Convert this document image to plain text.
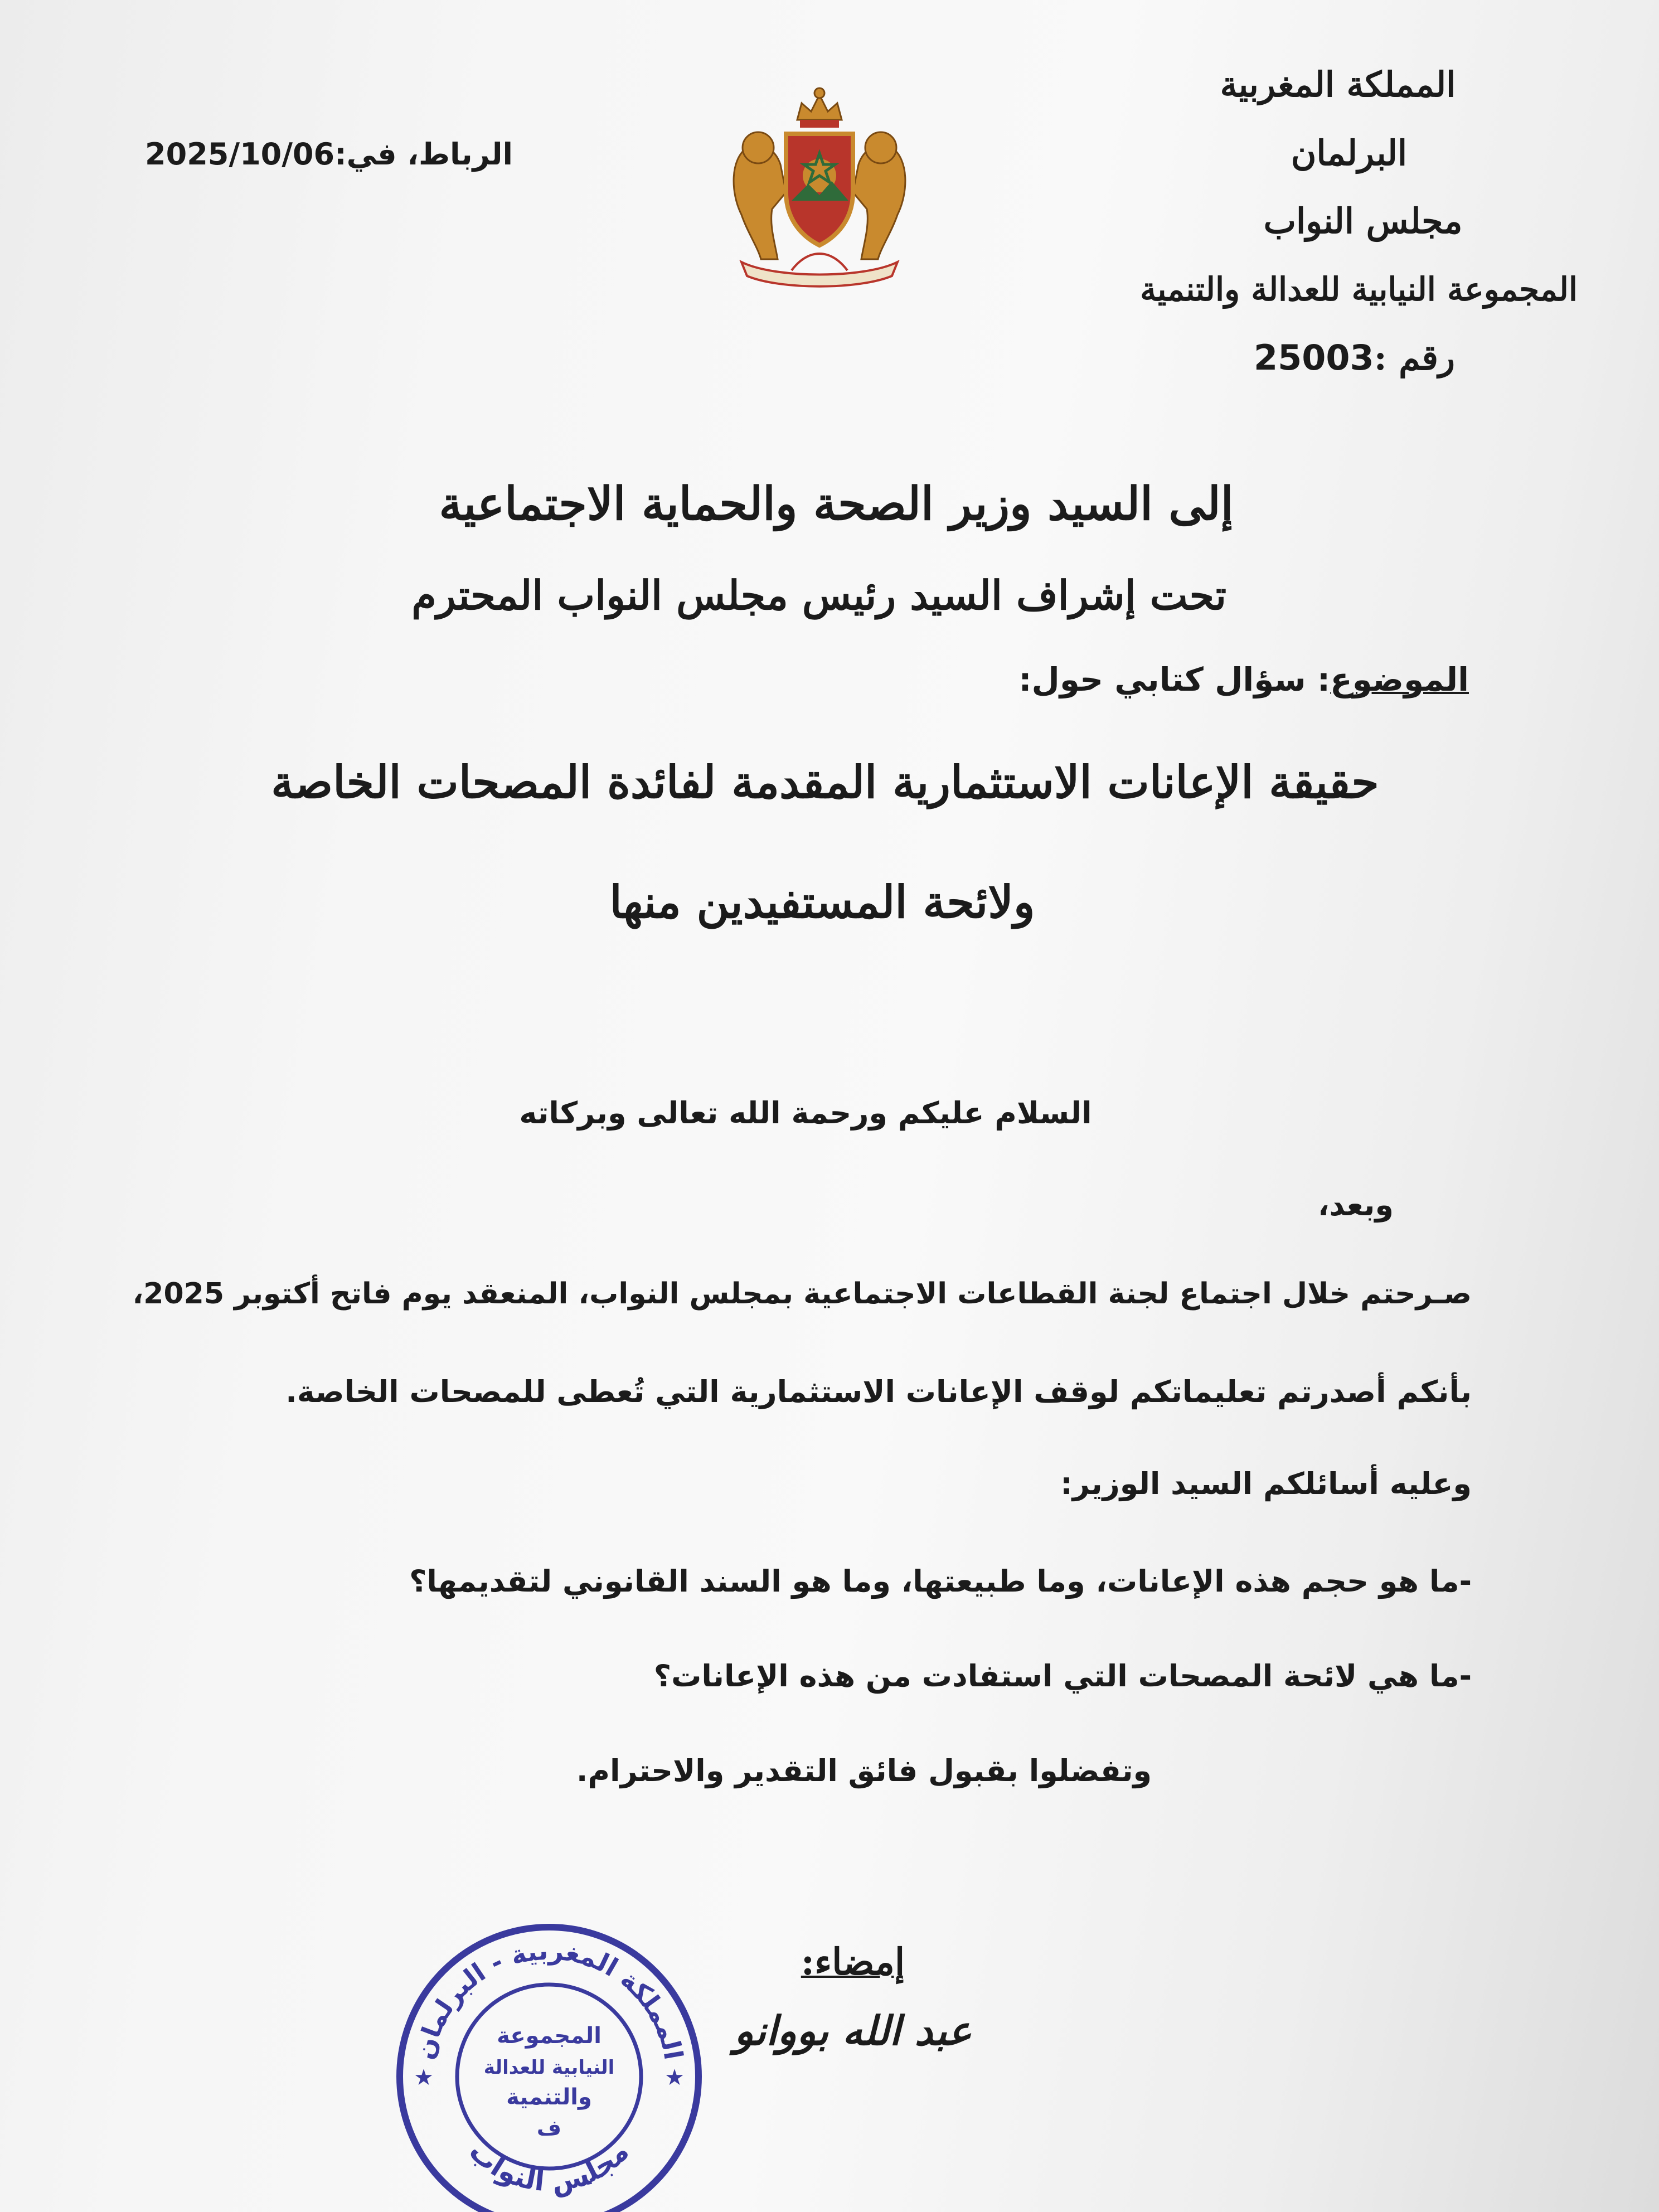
المملكة المغربية
البرلمان
مجلس النواب
المجموعة النيابية للعدالة والتنمية
رقم :25003
الرباط، في:2025/10/06
إلى السيد وزير الصحة والحماية الاجتماعية
تحت إشراف السيد رئيس مجلس النواب المحترم
الموضوع: سؤال كتابي حول:
حقيقة الإعانات الاستثمارية المقدمة لفائدة المصحات الخاصة
ولائحة المستفيدين منها
السلام عليكم ورحمة الله تعالى وبركاته
وبعد،
صـرحتم خلال اجتماع لجنة القطاعات الاجتماعية بمجلس النواب، المنعقد يوم فاتح أكتوبر 2025،
بأنكم أصدرتم تعليماتكم لوقف الإعانات الاستثمارية التي تُعطى للمصحات الخاصة.
وعليه أسائلكم السيد الوزير:
-ما هو حجم هذه الإعانات، وما طبيعتها، وما هو السند القانوني لتقديمها؟
-ما هي لائحة المصحات التي استفادت من هذه الإعانات؟
وتفضلوا بقبول فائق التقدير والاحترام.
إمضاء:
عبد الله بووانو
المملكة المغربية - البرلمان
مجلس النواب
المجموعة
النيابية للعدالة
والتنمية
ف
★	★
